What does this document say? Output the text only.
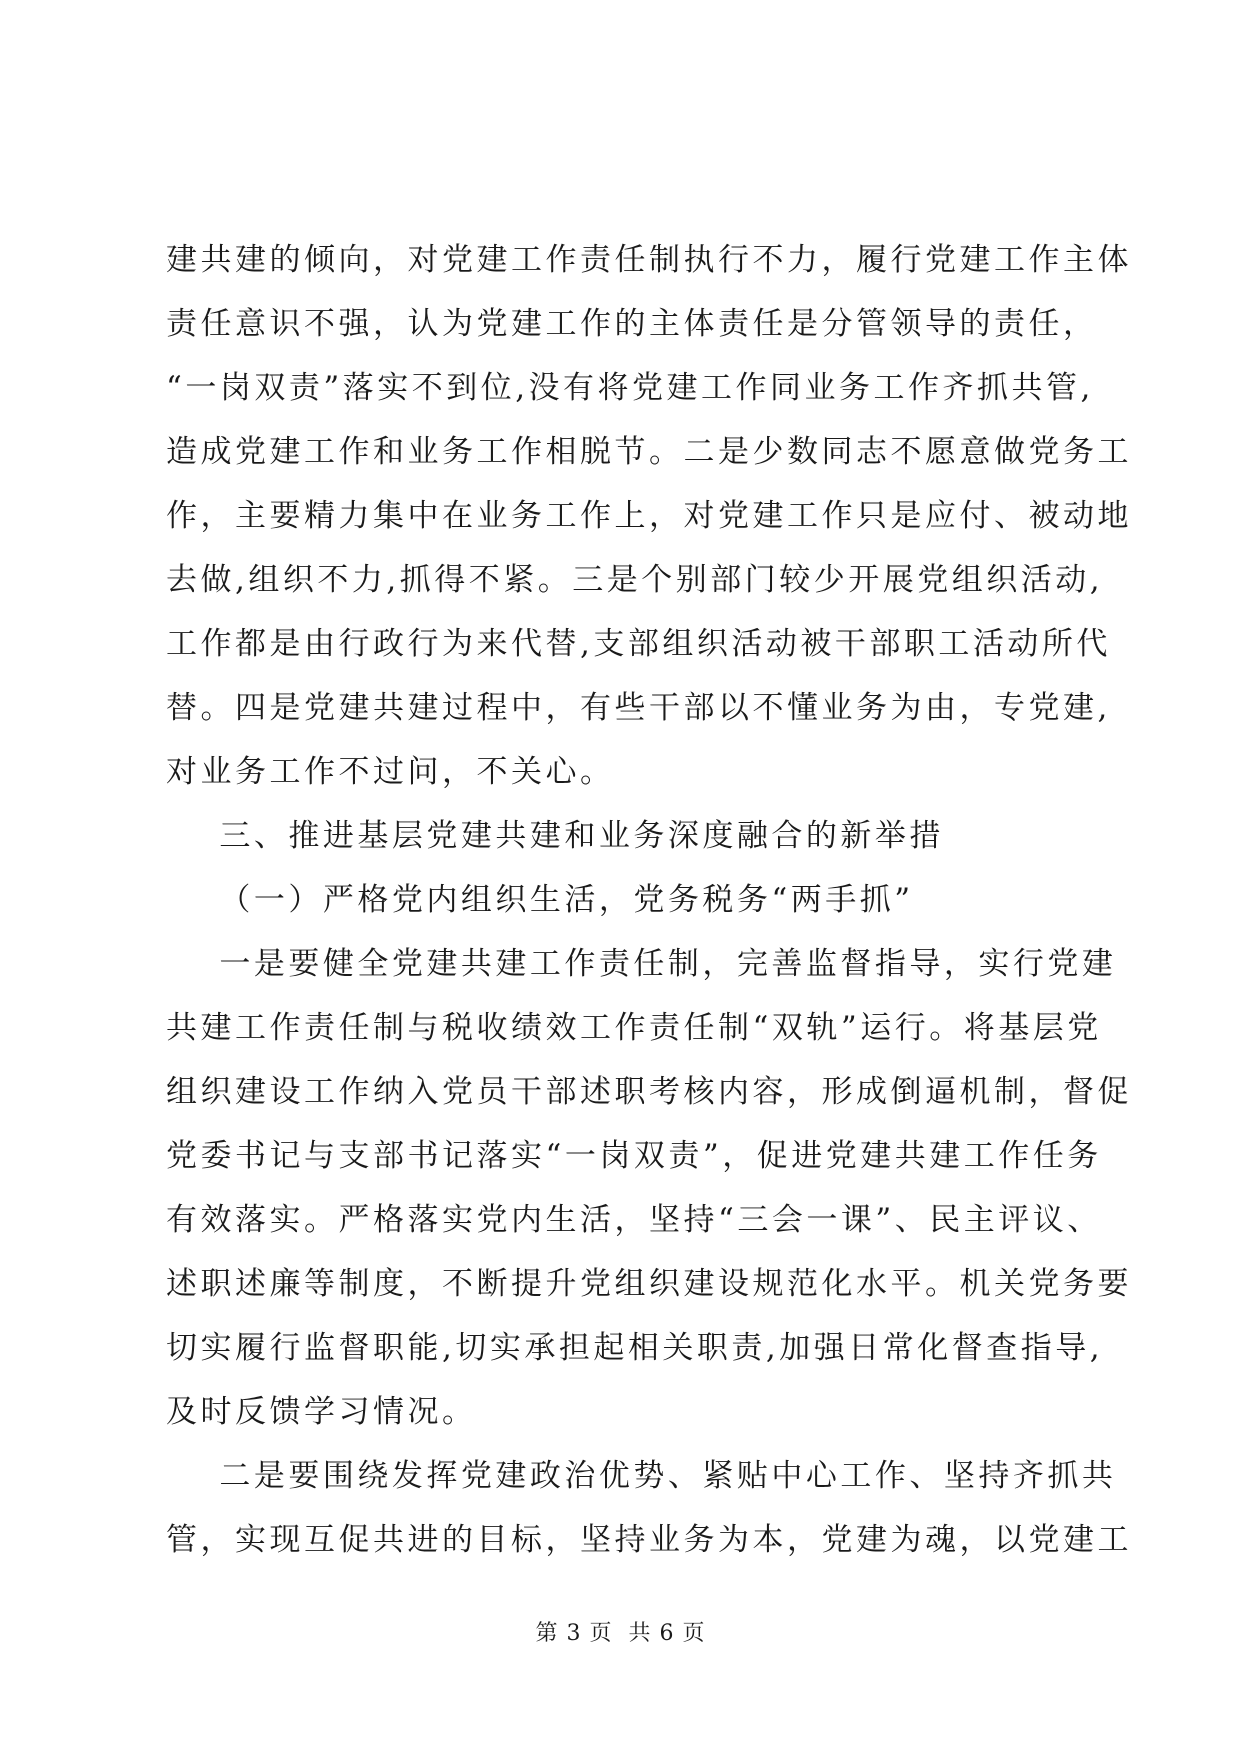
建共建的倾向，对党建工作责任制执行不力，履行党建工作主体
责任意识不强，认为党建工作的主体责任是分管领导的责任，
“一岗双责”落实不到位,没有将党建工作同业务工作齐抓共管,
造成党建工作和业务工作相脱节。二是少数同志不愿意做党务工
作，主要精力集中在业务工作上，对党建工作只是应付、被动地
去做,组织不力,抓得不紧。三是个别部门较少开展党组织活动,
工作都是由行政行为来代替,支部组织活动被干部职工活动所代
替。四是党建共建过程中，有些干部以不懂业务为由，专党建,
对业务工作不过问，不关心。
三、推进基层党建共建和业务深度融合的新举措
（一）严格党内组织生活，党务税务“两手抓”
一是要健全党建共建工作责任制，完善监督指导，实行党建
共建工作责任制与税收绩效工作责任制“双轨”运行。将基层党
组织建设工作纳入党员干部述职考核内容，形成倒逼机制，督促
党委书记与支部书记落实“一岗双责”，促进党建共建工作任务
有效落实。严格落实党内生活，坚持“三会一课”、民主评议、
述职述廉等制度，不断提升党组织建设规范化水平。机关党务要
切实履行监督职能,切实承担起相关职责,加强日常化督查指导,
及时反馈学习情况。
二是要围绕发挥党建政治优势、紧贴中心工作、坚持齐抓共
管，实现互促共进的目标，坚持业务为本，党建为魂，以党建工
第 3 页  共 6 页
